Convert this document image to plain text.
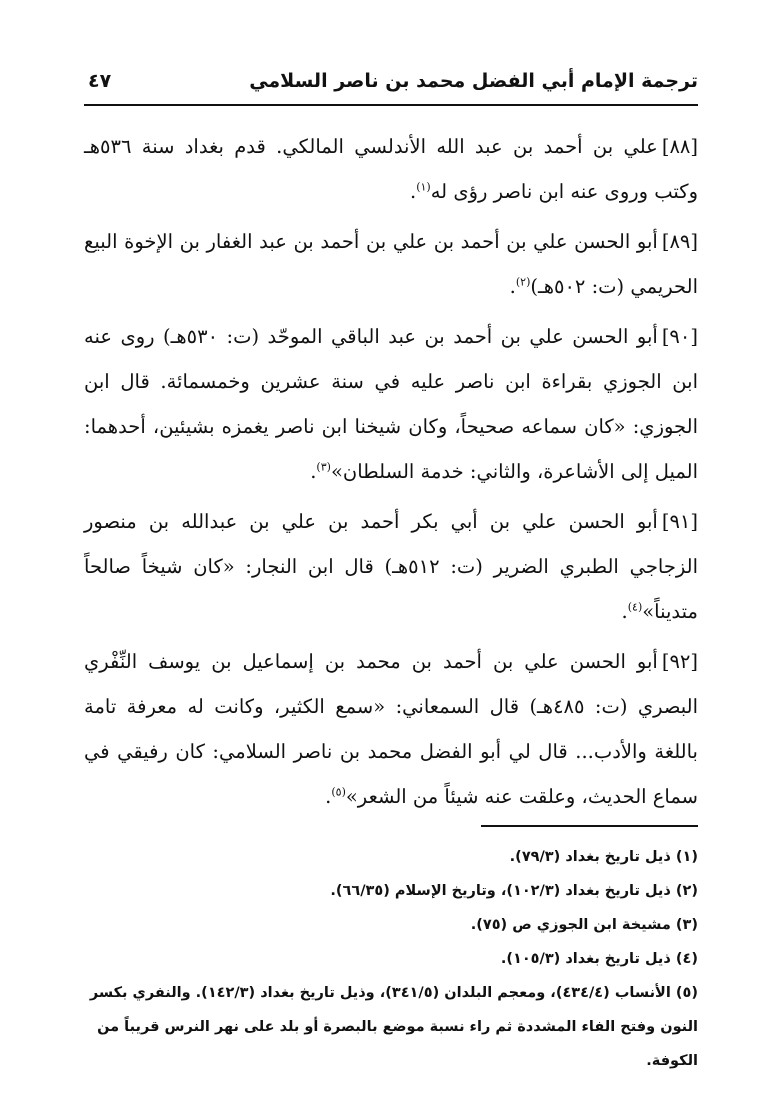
ترجمة الإمام أبي الفضل محمد بن ناصر السلامي
٤٧

[٨٨]علي بن أحمد بن عبد الله الأندلسي المالكي. قدم بغداد سنة ٥٣٦هـ وكتب وروى عنه ابن ناصر رؤى له$^{(١)}$.

[٨٩]أبو الحسن علي بن أحمد بن علي بن أحمد بن عبد الغفار بن الإخوة البيع الحريمي (ت: ٥٠٢هـ)$^{(٢)}$.

[٩٠]أبو الحسن علي بن أحمد بن عبد الباقي الموحّد (ت: ٥٣٠هـ) روى عنه ابن الجوزي بقراءة ابن ناصر عليه في سنة عشرين وخمسمائة. قال ابن الجوزي: «كان سماعه صحيحاً، وكان شيخنا ابن ناصر يغمزه بشيئين، أحدهما: الميل إلى الأشاعرة، والثاني: خدمة السلطان»$^{(٣)}$.

[٩١]أبو الحسن علي بن أبي بكر أحمد بن علي بن عبدالله بن منصور الزجاجي الطبري الضرير (ت: ٥١٢هـ) قال ابن النجار: «كان شيخاً صالحاً متديناً»$^{(٤)}$.

[٩٢]أبو الحسن علي بن أحمد بن محمد بن إسماعيل بن يوسف النِّفْري البصري (ت: ٤٨٥هـ) قال السمعاني: «سمع الكثير، وكانت له معرفة تامة باللغة والأدب... قال لي أبو الفضل محمد بن ناصر السلامي: كان رفيقي في سماع الحديث، وعلقت عنه شيئاً من الشعر»$^{(٥)}$.

(١) ذيل تاريخ بغداد (٧٩/٣).

(٢) ذيل تاريخ بغداد (١٠٢/٣)، وتاريخ الإسلام (٦٦/٣٥).

(٣) مشيخة ابن الجوزي ص (٧٥).

(٤) ذيل تاريخ بغداد (١٠٥/٣).

(٥) الأنساب (٤٣٤/٤)، ومعجم البلدان (٣٤١/٥)، وذيل تاريخ بغداد (١٤٢/٣). والنفري بكسر النون وفتح الفاء المشددة ثم راء نسبة موضع بالبصرة أو بلد على نهر النرس قريباً من الكوفة.
